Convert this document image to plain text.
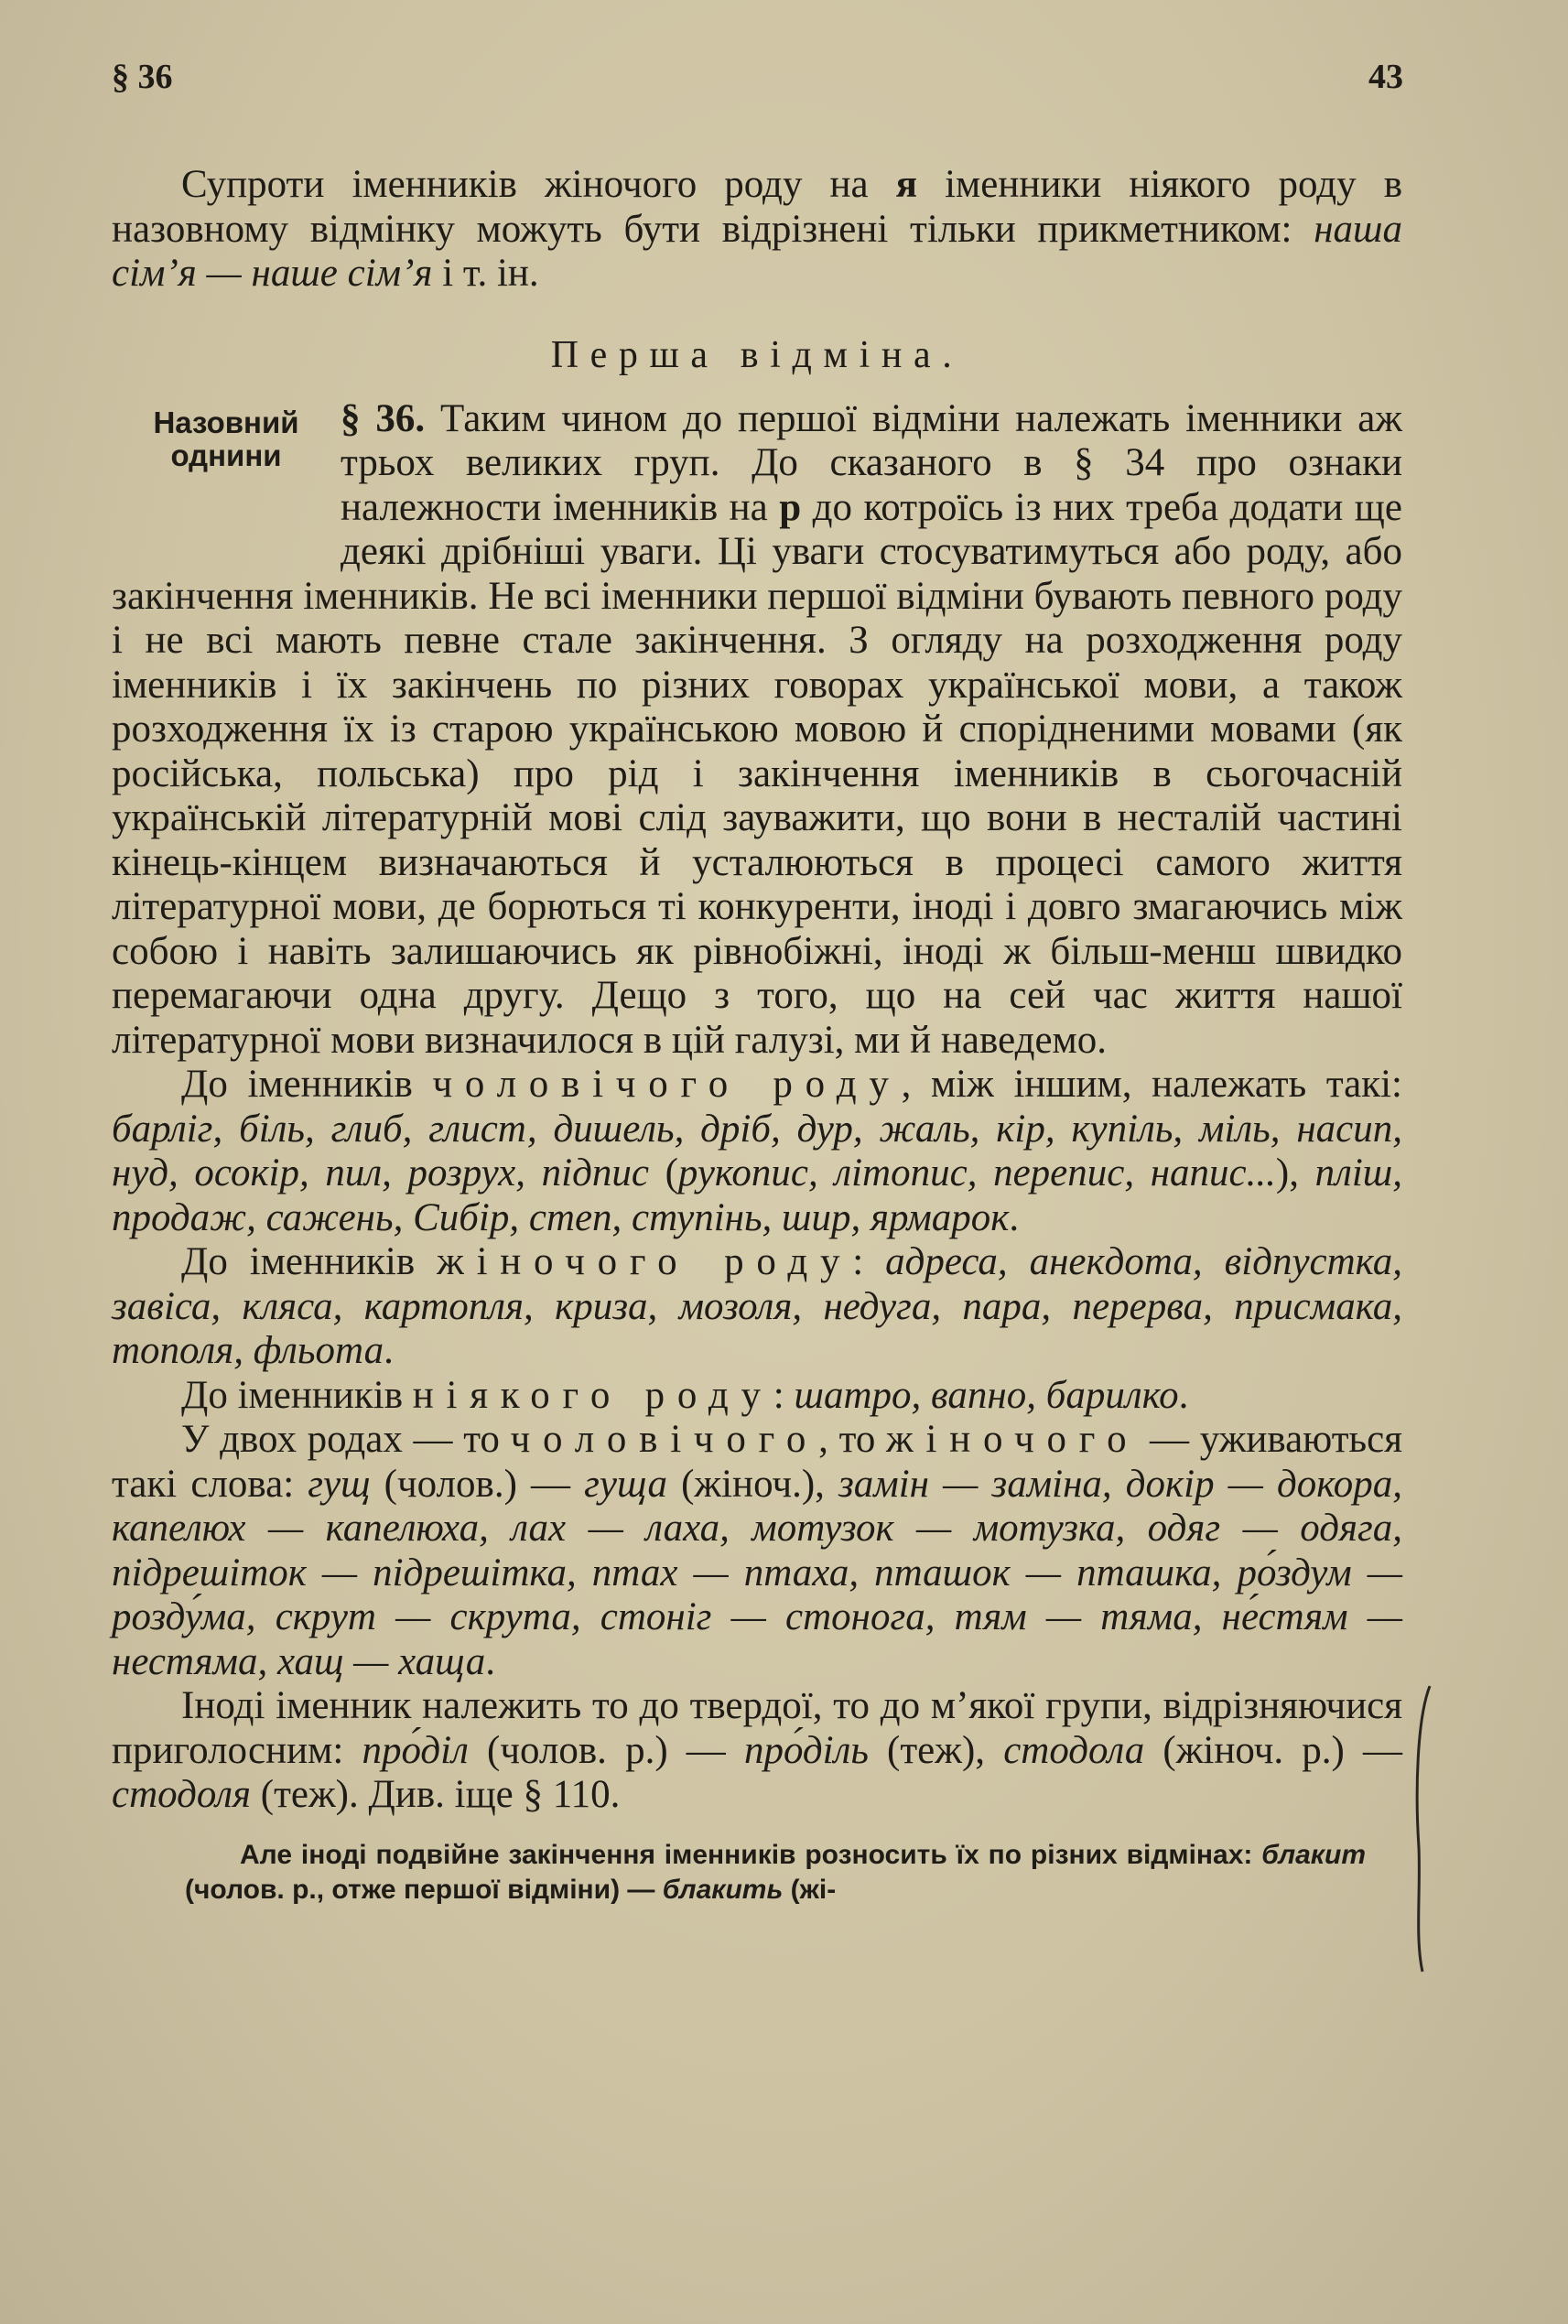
§ 36	43

Супроти іменників жіночого роду на я іменники ніякого роду в назовному відмінку можуть бути відрізнені тільки прикметником: наша сім’я — наше сім’я і т. ін.

Перша відміна.

Назовний однини
§ 36. Таким чином до першої відміни належать іменники аж трьох великих груп. До сказаного в § 34 про ознаки належности іменників на р до котроїсь із них треба додати ще деякі дрібніші уваги. Ці уваги стосуватимуться або роду, або закінчення іменників. Не всі іменники першої відміни бувають певного роду і не всі мають певне стале закінчення. З огляду на розходження роду іменників і їх закінчень по різних говорах української мови, а також розходження їх із старою українською мовою й спорідненими мовами (як російська, польська) про рід і закінчення іменників в сьогочасній українській літературній мові слід зауважити, що вони в несталій частині кінець-кінцем визначаються й усталюються в процесі самого життя літературної мови, де борються ті конкуренти, іноді і довго змагаючись між собою і навіть залишаючись як рівнобіжні, іноді ж більш-менш швидко перемагаючи одна другу. Дещо з того, що на сей час життя нашої літературної мови визначилося в цій галузі, ми й наведемо.

До іменників чоловічого роду, між іншим, належать такі: барліг, біль, глиб, глист, дишель, дріб, дур, жаль, кір, купіль, міль, насип, нуд, осокір, пил, розрух, підпис (рукопис, літопис, перепис, напис...), пліш, продаж, сажень, Сибір, степ, ступінь, шир, ярмарок.

До іменників жіночого роду: адреса, анекдота, відпустка, завіса, кляса, картопля, криза, мозоля, недуга, пара, перерва, присмака, тополя, фльота.

До іменників ніякого роду: шатро, вапно, барилко.

У двох родах — то чоловічого, то жіночого — уживаються такі слова: гущ (чолов.) — гуща (жіноч.), замін — заміна, докір — докора, капелюх — капелюха, лах — лаха, мотузок — мотузка, одяг — одяга, підрешіток — підрешітка, птах — птаха, пташок — пташка, ро́здум — розду́ма, скрут — скрута, стоніг — стонога, тям — тяма, не́стям — нестяма, хащ — хаща.

Іноді іменник належить то до твердої, то до м’якої групи, відрізняючися приголосним: про́діл (чолов. р.) — про́діль (теж), стодола (жіноч. р.) — стодоля (теж). Див. іще § 110.

Але іноді подвійне закінчення іменників розносить їх по різних відмінах: блакит (чолов. р., отже першої відміни) — блакить (жі-
